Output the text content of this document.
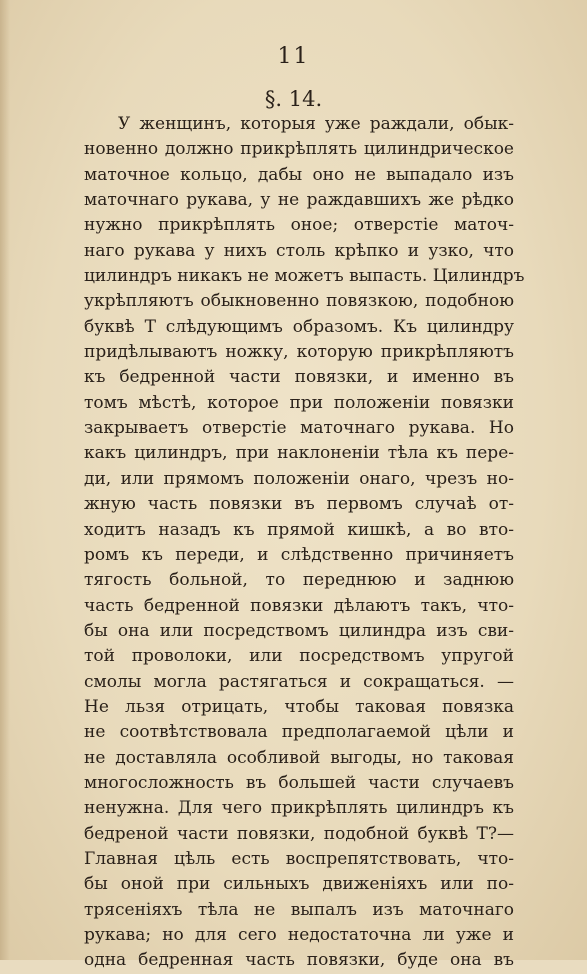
11
§. 14.
У женщинъ, которыя уже раждали, обык-
новенно должно прикрѣплять цилиндрическое
маточное кольцо, дабы оно не выпадало изъ
маточнаго рукава, у не раждавшихъ же рѣдко
нужно прикрѣплять оное; отверстіе маточ-
наго рукава у нихъ столь крѣпко и узко, что
цилиндръ никакъ не можетъ выпасть. Цилиндръ
укрѣпляютъ обыкновенно повязкою, подобною
буквѣ Т слѣдующимъ образомъ. Къ цилиндру
придѣлываютъ ножку, которую прикрѣпляютъ
къ бедренной части повязки, и именно въ
томъ мѣстѣ, которое при положеніи повязки
закрываетъ отверстіе маточнаго рукава. Но
какъ цилиндръ, при наклоненіи тѣла къ пере-
ди, или прямомъ положеніи онаго, чрезъ но-
жную часть повязки въ первомъ случаѣ от-
ходитъ назадъ къ прямой кишкѣ, а во вто-
ромъ къ переди, и слѣдственно причиняетъ
тягость больной, то переднюю и заднюю
часть бедренной повязки дѣлаютъ такъ, что-
бы она или посредствомъ цилиндра изъ сви-
той проволоки, или посредствомъ упругой
смолы могла растягаться и сокращаться. —
Не льзя отрицать, чтобы таковая повязка
не соотвѣтствовала предполагаемой цѣли и
не доставляла особливой выгоды, но таковая
многосложность въ большей части случаевъ
ненужна. Для чего прикрѣплять цилиндръ къ
бедреной части повязки, подобной буквѣ Т?—
Главная цѣль есть воспрепятствовать, что-
бы оной при сильныхъ движеніяхъ или по-
трясеніяхъ тѣла не выпалъ изъ маточнаго
рукава; но для сего недостаточна ли уже и
одна бедренная часть повязки, буде она въ
